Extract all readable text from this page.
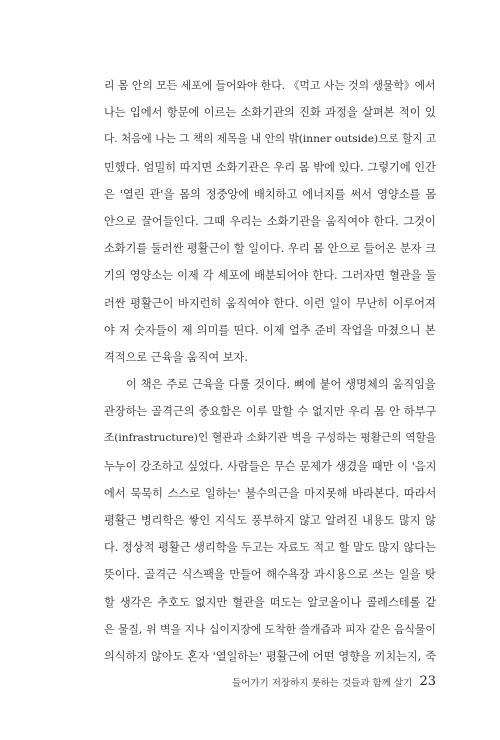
리 몸 안의 모든 세포에 들어와야 한다. 《먹고 사는 것의 생물학》에서
나는 입에서 항문에 이르는 소화기관의 진화 과정을 살펴본 적이 있
다. 처음에 나는 그 책의 제목을 내 안의 밖(inner outside)으로 할지 고
민했다. 엄밀히 따지면 소화기관은 우리 몸 밖에 있다. 그렇기에 인간
은 '열린 관'을 몸의 정중앙에 배치하고 에너지를 써서 영양소를 몸
안으로 끌어들인다. 그때 우리는 소화기관을 움직여야 한다. 그것이
소화기를 둘러싼 평활근이 할 일이다. 우리 몸 안으로 들어온 분자 크
기의 영양소는 이제 각 세포에 배분되어야 한다. 그러자면 혈관을 둘
러싼 평활근이 바지런히 움직여야 한다. 이런 일이 무난히 이루어져
야 저 숫자들이 제 의미를 띤다. 이제 얼추 준비 작업을 마쳤으니 본
격적으로 근육을 움직여 보자.
이 책은 주로 근육을 다룰 것이다. 뼈에 붙어 생명체의 움직임을
관장하는 골격근의 중요함은 이루 말할 수 없지만 우리 몸 안 하부구
조(infrastructure)인 혈관과 소화기관 벽을 구성하는 평활근의 역할을
누누이 강조하고 싶었다. 사람들은 무슨 문제가 생겼을 때만 이 '음지
에서 묵묵히 스스로 일하는' 불수의근을 마지못해 바라본다. 따라서
평활근 병리학은 쌓인 지식도 풍부하지 않고 알려진 내용도 많지 않
다. 정상적 평활근 생리학을 두고는 자료도 적고 할 말도 많지 않다는
뜻이다. 골격근 식스팩을 만들어 해수욕장 과시용으로 쓰는 일을 탓
할 생각은 추호도 없지만 혈관을 떠도는 알코올이나 콜레스테롤 같
은 물질, 위 벽을 지나 십이지장에 도착한 쓸개즙과 피자 같은 음식물이
의식하지 않아도 혼자 '열일하는' 평활근에 어떤 영향을 끼치는지, 죽
들어가기 저장하지 못하는 것들과 함께 살기 23
